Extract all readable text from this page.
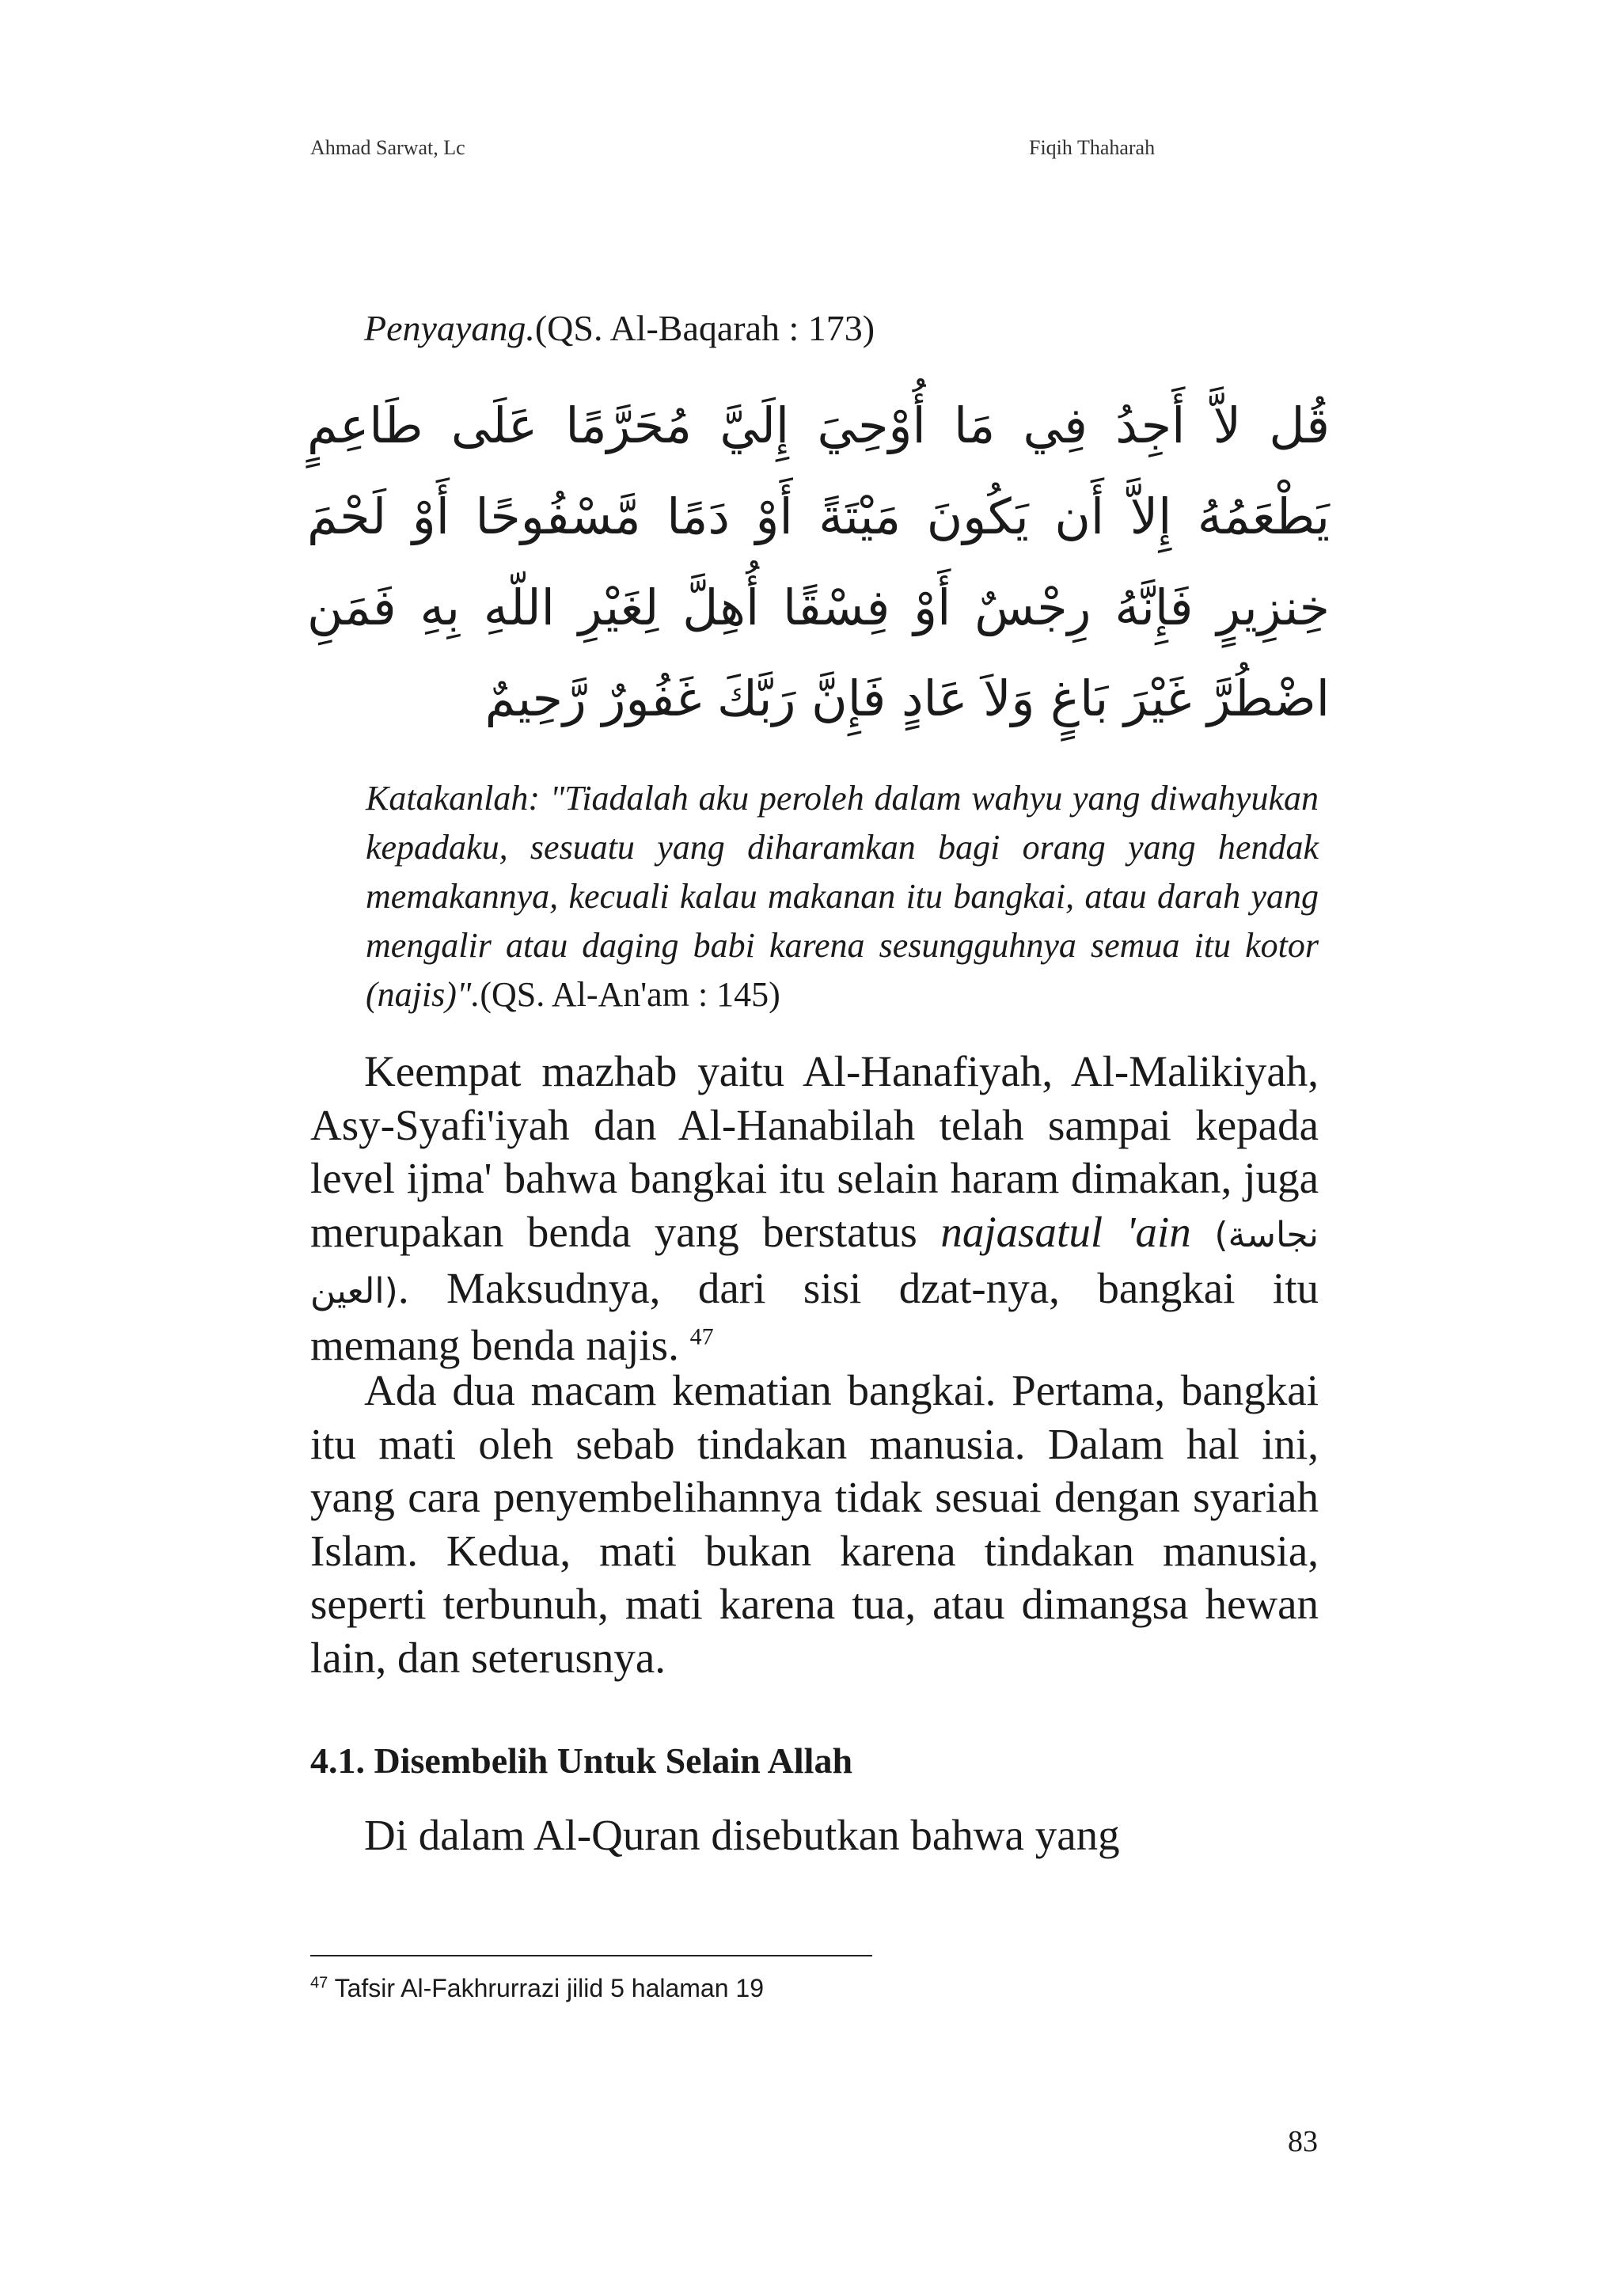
Ahmad Sarwat, Lc	Fiqih Thaharah
Penyayang.(QS. Al-Baqarah : 173)
قُل لاَّ أَجِدُ فِي مَا أُوْحِيَ إِلَيَّ مُحَرَّمًا عَلَى طَاعِمٍ يَطْعَمُهُ إِلاَّ أَن يَكُونَ مَيْتَةً أَوْ دَمًا مَّسْفُوحًا أَوْ لَحْمَ خِنزِيرٍ فَإِنَّهُ رِجْسٌ أَوْ فِسْقًا أُهِلَّ لِغَيْرِ اللّهِ بِهِ فَمَنِ اضْطُرَّ غَيْرَ بَاغٍ وَلاَ عَادٍ فَإِنَّ رَبَّكَ غَفُورٌ رَّحِيمٌ
Katakanlah: "Tiadalah aku peroleh dalam wahyu yang diwahyukan kepadaku, sesuatu yang diharamkan bagi orang yang hendak memakannya, kecuali kalau makanan itu bangkai, atau darah yang mengalir atau daging babi karena sesungguhnya semua itu kotor (najis)".(QS. Al-An'am : 145)
Keempat mazhab yaitu Al-Hanafiyah, Al-Malikiyah, Asy-Syafi'iyah dan Al-Hanabilah telah sampai kepada level ijma' bahwa bangkai itu selain haram dimakan, juga merupakan benda yang berstatus najasatul 'ain (نجاسة العين). Maksudnya, dari sisi dzat-nya, bangkai itu memang benda najis. $^{47}$
Ada dua macam kematian bangkai. Pertama, bangkai itu mati oleh sebab tindakan manusia. Dalam hal ini, yang cara penyembelihannya tidak sesuai dengan syariah Islam. Kedua, mati bukan karena tindakan manusia, seperti terbunuh, mati karena tua, atau dimangsa hewan lain, dan seterusnya.
4.1. Disembelih Untuk Selain Allah
Di dalam Al-Quran disebutkan bahwa yang
$^{47}$ Tafsir Al-Fakhrurrazi jilid 5 halaman 19
83
